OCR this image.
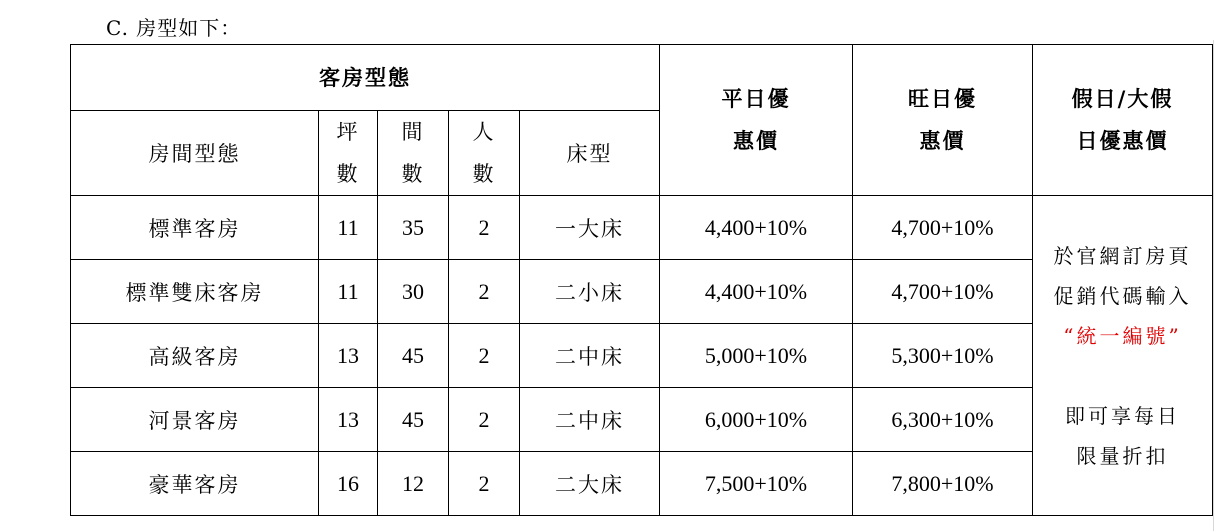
C. 房型如下：
客房型態					平日優惠價	旺日優惠價	假日/大假日優惠價
房間型態	坪數	間數	人數	床型			
標準客房	11	35	2	一大床	4,400+10%	4,700+10%	於官網訂房頁
促銷代碼輸入
“統一編號”
即可享每日
限量折扣

標準雙床客房	11	30	2	二小床	4,400+10%	4,700+10%	
高級客房	13	45	2	二中床	5,000+10%	5,300+10%	
河景客房	13	45	2	二中床	6,000+10%	6,300+10%	
豪華客房	16	12	2	二大床	7,500+10%	7,800+10%	
